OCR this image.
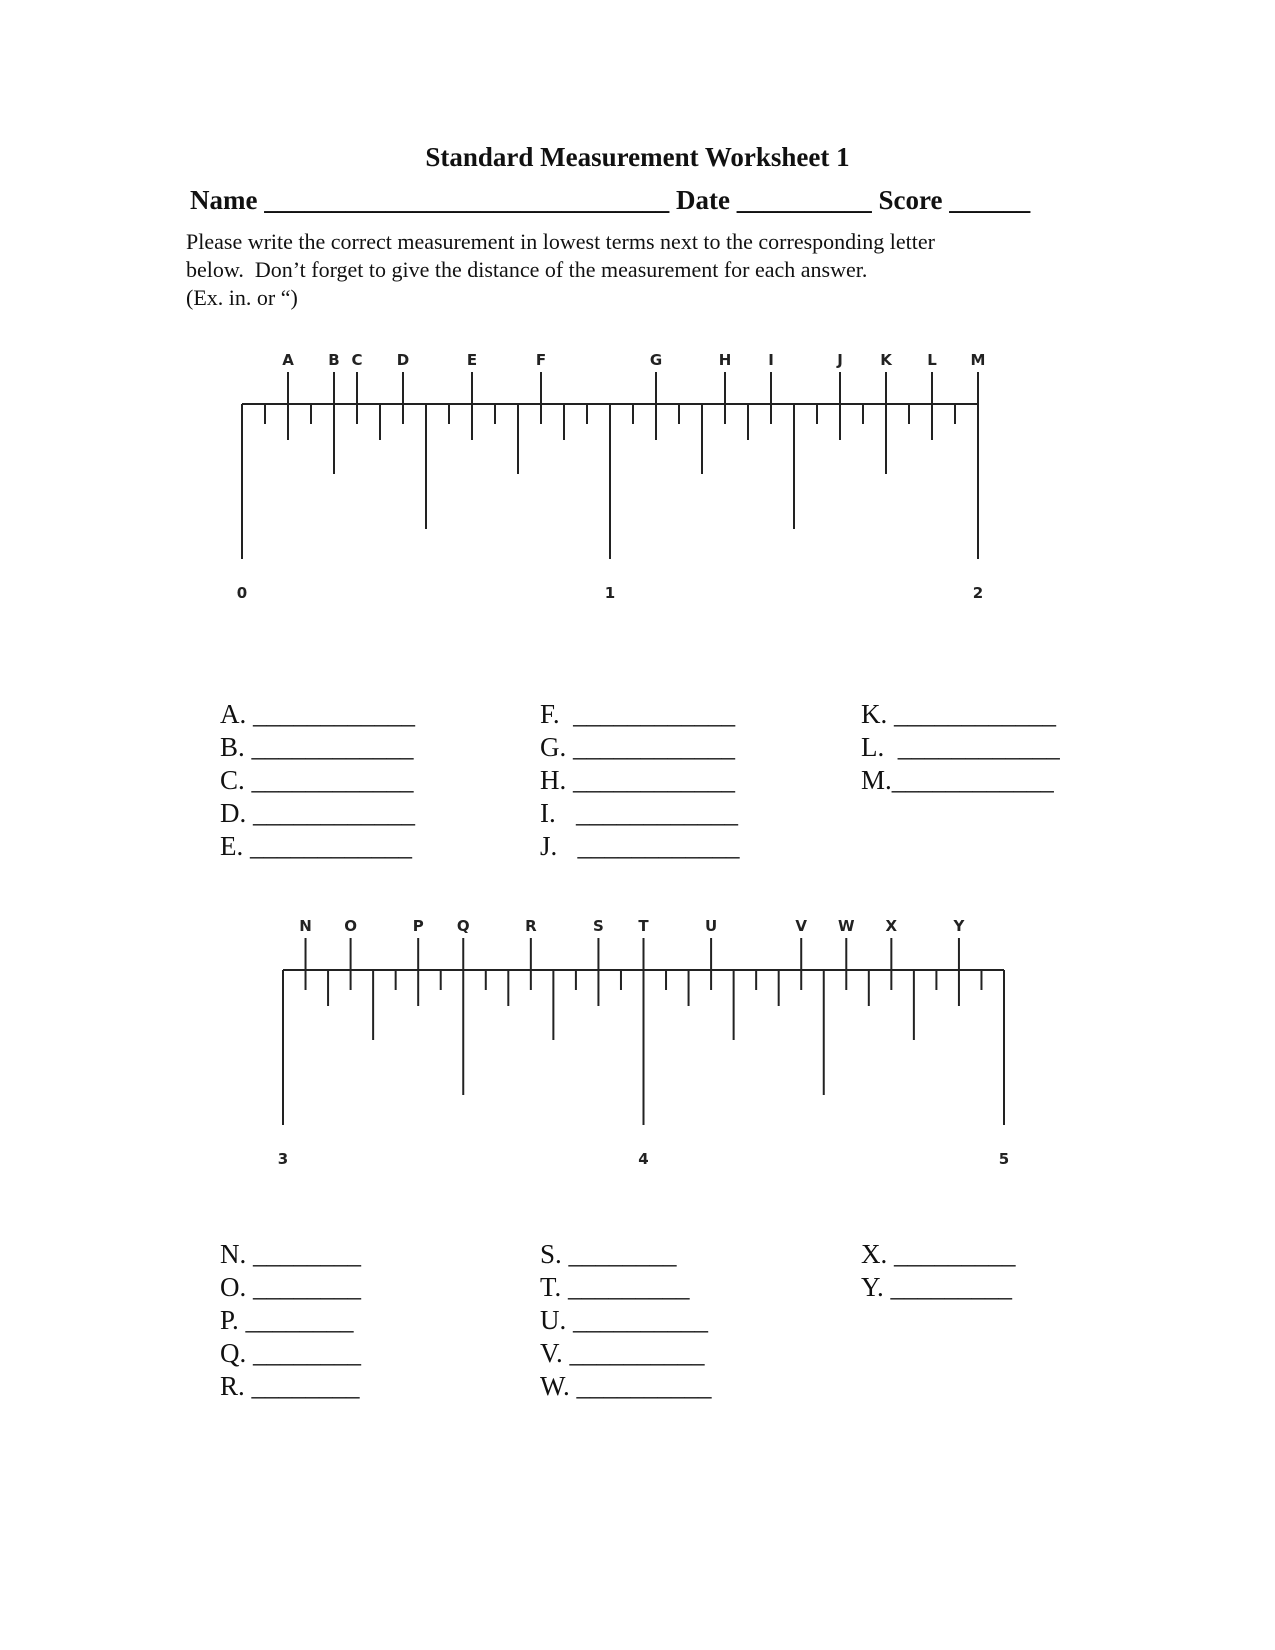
Standard Measurement Worksheet 1
Name ______________________________ Date __________ Score ______
Please write the correct measurement in lowest terms next to the corresponding letter
below.  Don’t forget to give the distance of the measurement for each answer.
(Ex. in. or “)
0	1	2
A B C D	E	F	G	H I	J K L M
A. ____________
B. ____________
C. ____________
D. ____________
E. ____________
F.  ____________
G. ____________
H. ____________
I.   ____________
J.   ____________
K. ____________
L.  ____________
M.____________
3	4	5
N O	P Q	R	S T	U	V W X	Y
N. ________
O. ________
P. ________
Q. ________
R. ________
S. ________
T. _________
U. __________
V. __________
W. __________
X. _________
Y. _________
